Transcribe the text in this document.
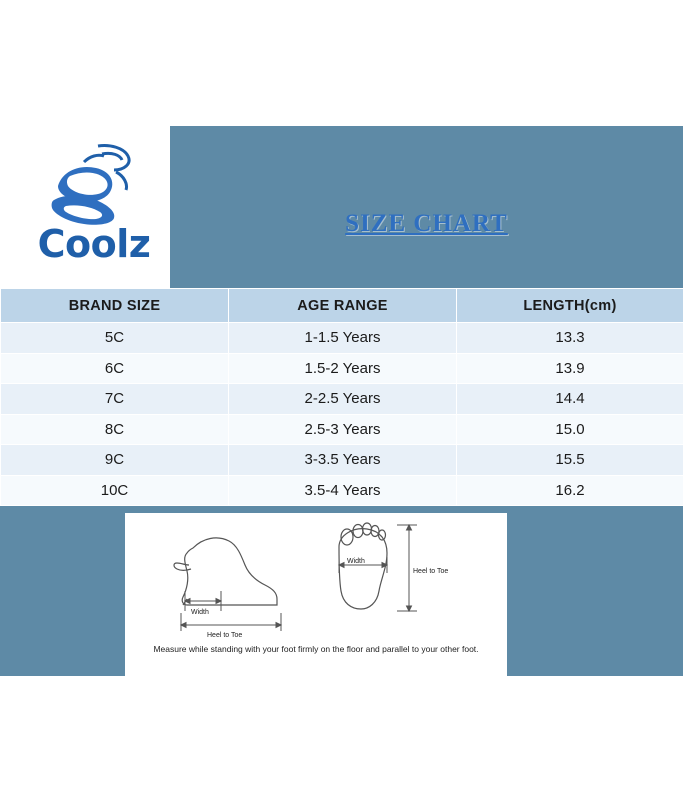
Coolz	SIZE CHART
BRAND SIZE	AGE RANGE	LENGTH(cm)
5C	1-1.5 Years	13.3
6C	1.5-2 Years	13.9
7C	2-2.5 Years	14.4
8C	2.5-3 Years	15.0
9C	3-3.5 Years	15.5
10C	3.5-4 Years	16.2
Width
Heel to Toe
Width
Heel to Toe
Measure while standing with your foot firmly on the floor and parallel to your other foot.
